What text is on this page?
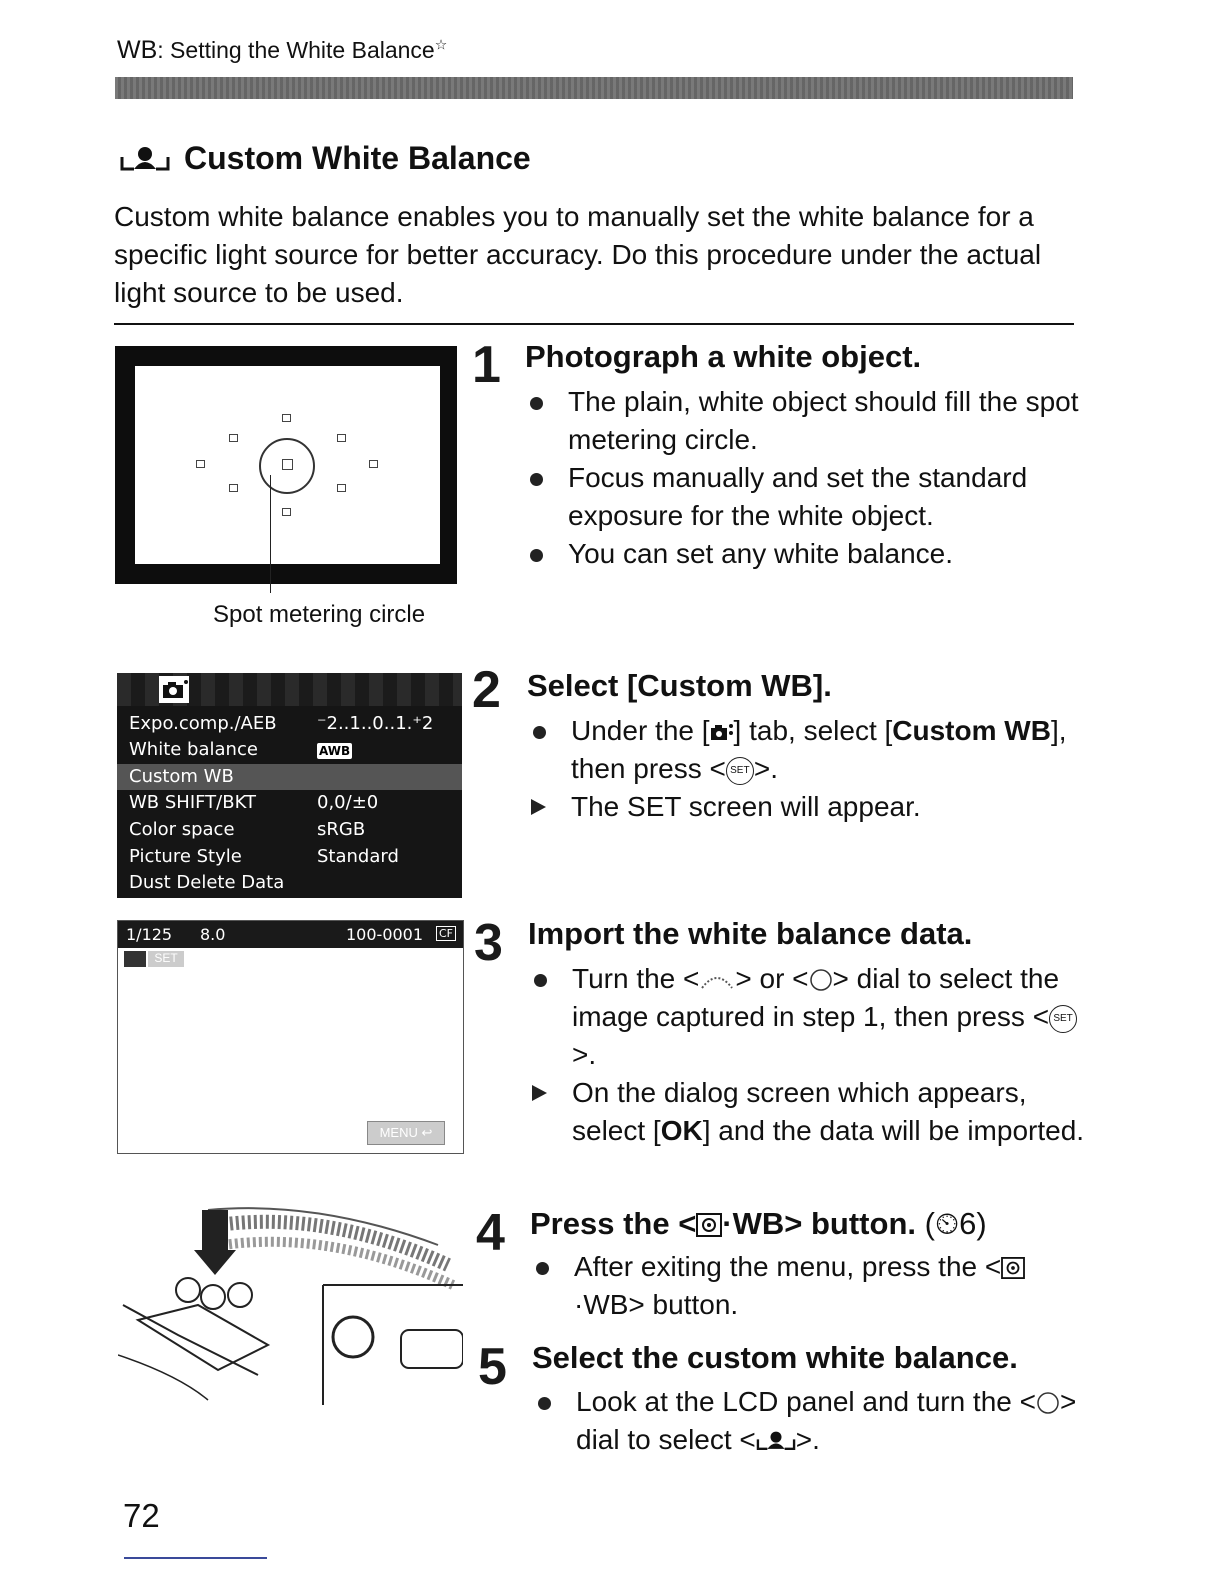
WB: Setting the White Balance☆
Custom White Balance
Custom white balance enables you to manually set the white balance for a specific light source for better accuracy. Do this procedure under the actual light source to be used.
Spot metering circle
1 Photograph a white object.
The plain, white object should fill the spot metering circle.
Focus manually and set the standard exposure for the white object.
You can set any white balance.
Expo.comp./AEB ⁻2..1..0..1.⁺2
White balance	AWB
Custom WB
WB SHIFT/BKT	0,0/±0
Color space	sRGB
Picture Style	Standard
Dust Delete Data
2 Select [Custom WB].
Under the [ ] tab, select [Custom WB], then press < SET >.
The SET screen will appear.
1/125 8.0	100-0001 CF
SET
MENU ↩
3 Import the white balance data.
Turn the < > or < > dial to select the image captured in step 1, then press < SET>.
On the dialog screen which appears, select [OK] and the data will be imported.
4 Press the < ·WB> button. (⏲6)
After exiting the menu, press the <·WB> button.
5 Select the custom white balance.
Look at the LCD panel and turn the < > dial to select < >.
72
